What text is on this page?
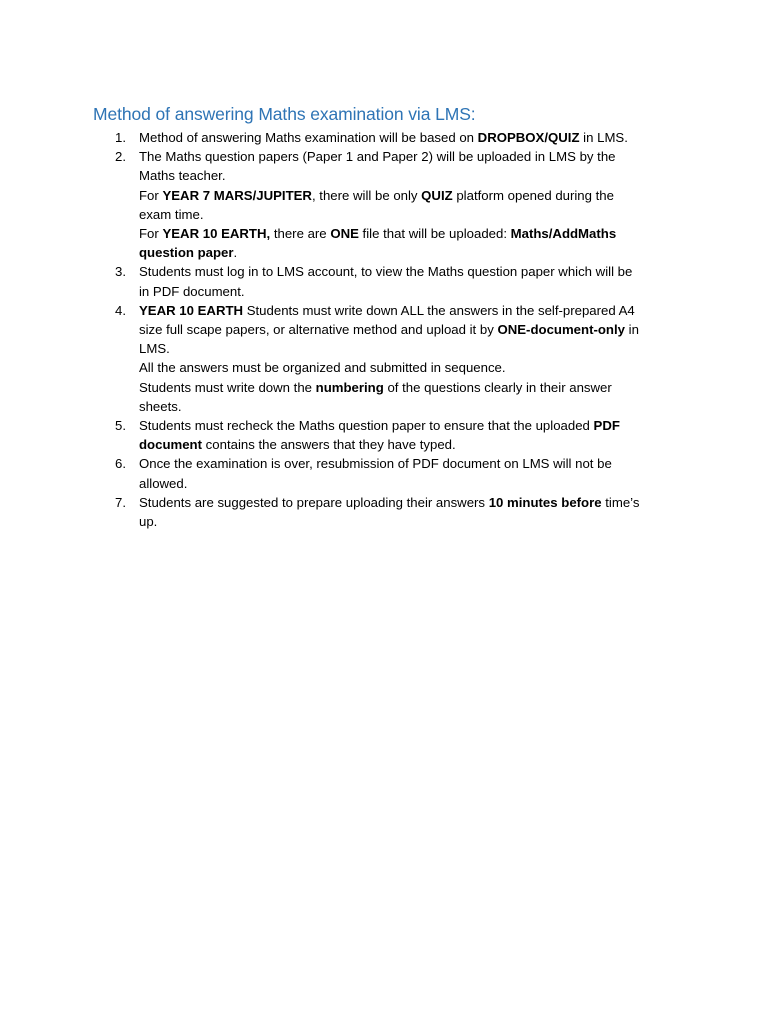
Method of answering Maths examination via LMS:
1. Method of answering Maths examination will be based on DROPBOX/QUIZ in LMS.
2. The Maths question papers (Paper 1 and Paper 2) will be uploaded in LMS by the
Maths teacher.
For YEAR 7 MARS/JUPITER, there will be only QUIZ platform opened during the
exam time.
For YEAR 10 EARTH, there are ONE file that will be uploaded: Maths/AddMaths
question paper.
3. Students must log in to LMS account, to view the Maths question paper which will be
in PDF document.
4. YEAR 10 EARTH Students must write down ALL the answers in the self-prepared A4
size full scape papers, or alternative method and upload it by ONE-document-only in
LMS.
All the answers must be organized and submitted in sequence.
Students must write down the numbering of the questions clearly in their answer
sheets.
5. Students must recheck the Maths question paper to ensure that the uploaded PDF
document contains the answers that they have typed.
6. Once the examination is over, resubmission of PDF document on LMS will not be
allowed.
7. Students are suggested to prepare uploading their answers 10 minutes before time’s
up.
